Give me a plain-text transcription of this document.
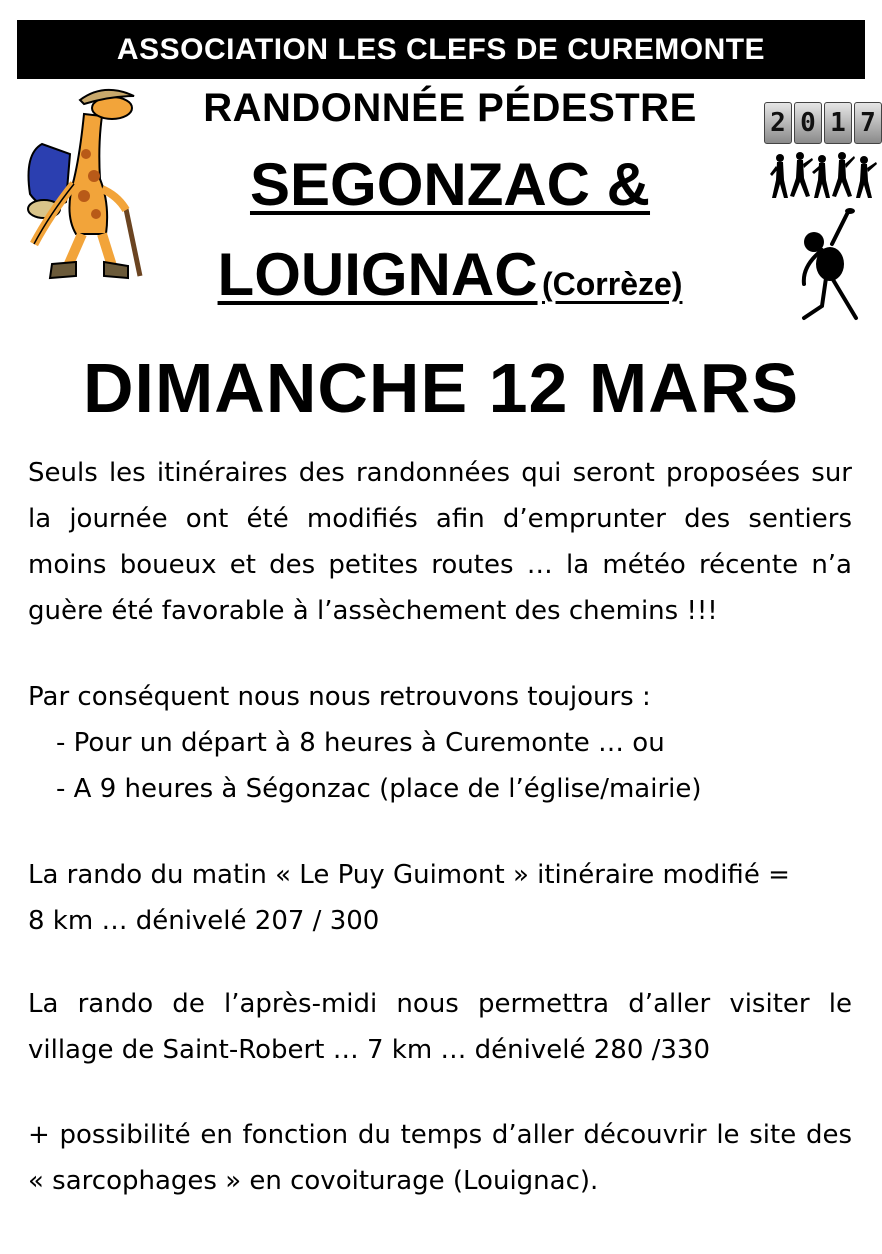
ASSOCIATION LES CLEFS DE CUREMONTE
RANDONNÉE PÉDESTRE	2 0 1 7
SEGONZAC &
LOUIGNAC (Corrèze)
DIMANCHE 12 MARS
Seuls les itinéraires des randonnées qui seront proposées sur la journée ont été modifiés afin d’emprunter des sentiers moins boueux et des petites routes … la météo récente n’a guère été favorable à l’assèchement des chemins !!!
Par conséquent nous nous retrouvons toujours :
- Pour un départ à 8 heures à Curemonte … ou
- A 9 heures à Ségonzac (place de l’église/mairie)
La rando du matin « Le Puy Guimont » itinéraire modifié =
8 km … dénivelé 207 / 300
La rando de l’après-midi nous permettra d’aller visiter le village de Saint-Robert … 7 km … dénivelé 280 /330
+ possibilité en fonction du temps d’aller découvrir le site des « sarcophages » en covoiturage (Louignac).
